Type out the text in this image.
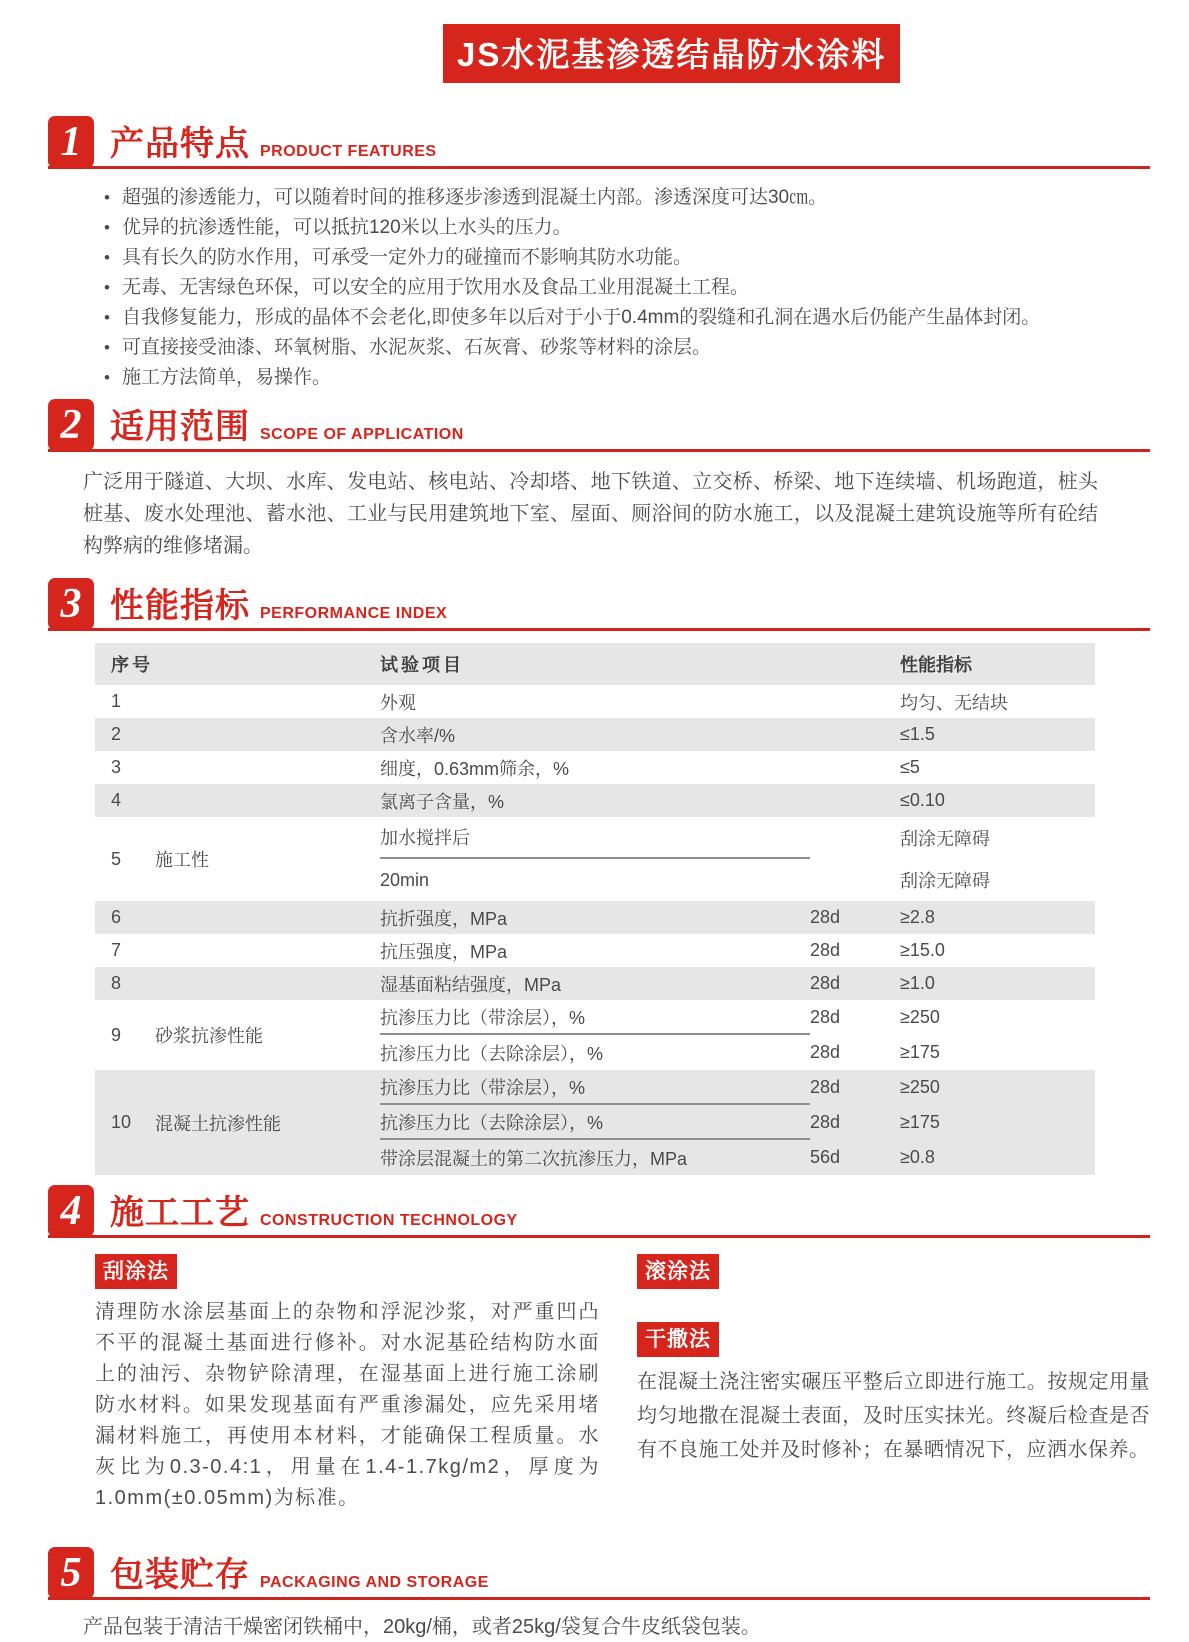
JS水泥基渗透结晶防水涂料
1 产品特点 PRODUCT FEATURES
• 超强的渗透能力，可以随着时间的推移逐步渗透到混凝土内部。渗透深度可达30㎝。
• 优异的抗渗透性能，可以抵抗120米以上水头的压力。
• 具有长久的防水作用，可承受一定外力的碰撞而不影响其防水功能。
• 无毒、无害绿色环保，可以安全的应用于饮用水及食品工业用混凝土工程。
• 自我修复能力，形成的晶体不会老化,即使多年以后对于小于0.4mm的裂缝和孔洞在遇水后仍能产生晶体封闭。
• 可直接接受油漆、环氧树脂、水泥灰浆、石灰膏、砂浆等材料的涂层。
• 施工方法简单，易操作。
2 适用范围 SCOPE OF APPLICATION

广泛用于隧道、大坝、水库、发电站、核电站、冷却塔、地下铁道、立交桥、桥梁、地下连续墙、机场跑道，桩头桩基、废水处理池、蓄水池、工业与民用建筑地下室、屋面、厕浴间的防水施工，以及混凝土建筑设施等所有砼结构弊病的维修堵漏。

3 性能指标 PERFORMANCE INDEX
序号	试验项目	性能指标
1	外观	均匀、无结块
2	含水率/%	≤1.5
3	细度，0.63mm筛余，%	≤5
4	氯离子含量，%	≤0.10
5	施工性
加水搅拌后	刮涂无障碍
20min	刮涂无障碍
6	抗折强度，MPa	28d	≥2.8
7	抗压强度，MPa	28d	≥15.0
8	湿基面粘结强度，MPa	28d	≥1.0
9	砂浆抗渗性能
抗渗压力比（带涂层），%	28d	≥250
抗渗压力比（去除涂层），%	28d	≥175
10	混凝土抗渗性能
抗渗压力比（带涂层），%	28d	≥250
抗渗压力比（去除涂层），%	28d	≥175
带涂层混凝土的第二次抗渗压力，MPa	56d	≥0.8
4 施工工艺 CONSTRUCTION TECHNOLOGY
刮涂法

清理防水涂层基面上的杂物和浮泥沙浆，对严重凹凸不平的混凝土基面进行修补。对水泥基砼结构防水面上的油污、杂物铲除清理，在湿基面上进行施工涂刷防水材料。如果发现基面有严重渗漏处，应先采用堵漏材料施工，再使用本材料，才能确保工程质量。水灰比为0.3-0.4:1，用量在1.4-1.7kg/m2，厚度为1.0mm(±0.05mm)为标准。

滚涂法
干撒法

在混凝土浇注密实碾压平整后立即进行施工。按规定用量均匀地撒在混凝土表面，及时压实抹光。终凝后检查是否有不良施工处并及时修补；在暴晒情况下，应洒水保养。

5 包装贮存 PACKAGING AND STORAGE

产品包装于清洁干燥密闭铁桶中，20kg/桶，或者25kg/袋复合牛皮纸袋包装。
